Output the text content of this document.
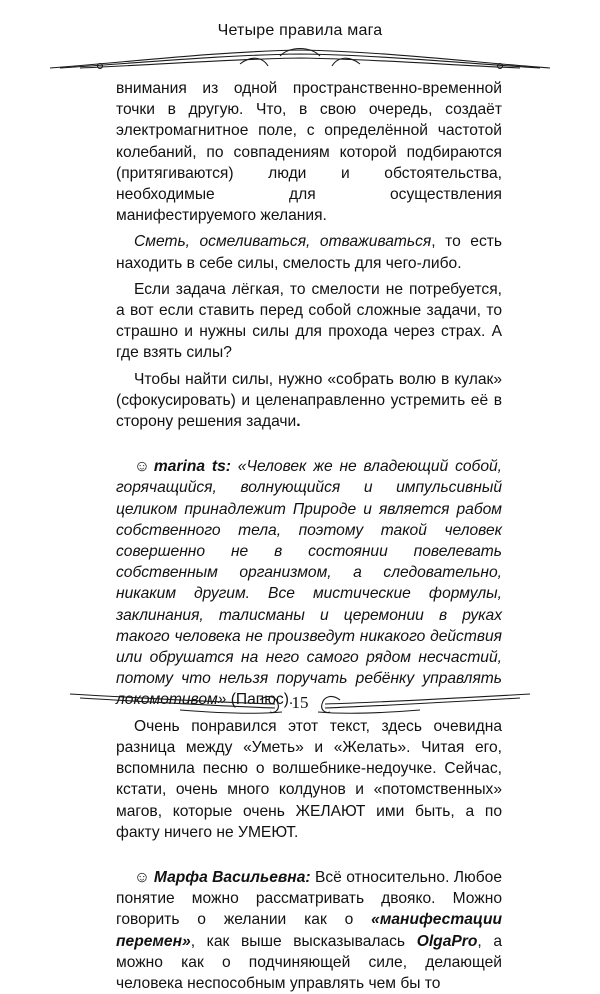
Четыре правила мага

внимания из одной пространственно-временной точки в другую. Что, в свою очередь, создаёт электромагнитное поле, с определённой частотой колебаний, по совпадениям которой подбираются (притягиваются) люди и обстоятельства, необходимые для осуществления манифестируемого желания.

Сметь, осмеливаться, отваживаться, то есть находить в себе силы, смелость для чего-либо.

Если задача лёгкая, то смелости не потребуется, а вот если ставить перед собой сложные задачи, то страшно и нужны силы для прохода через страх. А где взять силы?

Чтобы найти силы, нужно «собрать волю в кулак» (сфокусировать) и целенаправленно устремить её в сторону решения задачи.

☺ marina ts: «Человек же не владеющий собой, горячащийся, волнующийся и импульсивный целиком принадлежит Природе и является рабом собственного тела, поэтому такой человек совершенно не в состоянии повелевать собственным организмом, а следовательно, никаким другим. Все мистические формулы, заклинания, талисманы и церемонии в руках такого человека не произведут никакого действия или обрушатся на него самого рядом несчастий, потому что нельзя поручать ребёнку управлять локомотивом» (Папюс).

Очень понравился этот текст, здесь очевидна разница между «Уметь» и «Желать». Читая его, вспомнила песню о волшебнике-недоучке. Сейчас, кстати, очень много колдунов и «потомственных» магов, которые очень ЖЕЛАЮТ ими быть, а по факту ничего не УМЕЮТ.

☺ Марфа Васильевна: Всё относительно. Любое понятие можно рассматривать двояко. Можно говорить о желании как о «манифестации перемен», как выше высказывалась OlgaPro, а можно как о подчиняющей силе, делающей человека неспособным управлять чем бы то

15
